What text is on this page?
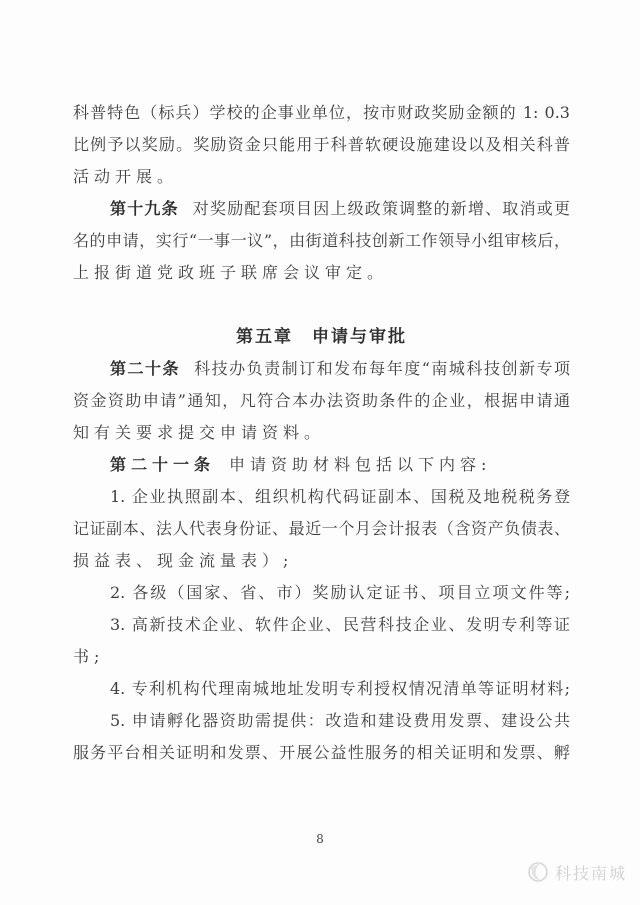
科普特色（标兵）学校的企事业单位，按市财政奖励金额的 1: 0.3
比例予以奖励。奖励资金只能用于科普软硬设施建设以及相关科普
活动开展。
第十九条 对奖励配套项目因上级政策调整的新增、取消或更
名的申请，实行“一事一议”，由街道科技创新工作领导小组审核后，
上报街道党政班子联席会议审定。
第五章　申请与审批
第二十条 科技办负责制订和发布每年度“南城科技创新专项
资金资助申请”通知，凡符合本办法资助条件的企业，根据申请通
知有关要求提交申请资料。
第二十一条 申请资助材料包括以下内容:
1. 企业执照副本、组织机构代码证副本、国税及地税税务登
记证副本、法人代表身份证、最近一个月会计报表（含资产负债表、
损益表、现金流量表）;
2. 各级（国家、省、市）奖励认定证书、项目立项文件等;
3. 高新技术企业、软件企业、民营科技企业、发明专利等证
书;
4. 专利机构代理南城地址发明专利授权情况清单等证明材料;
5. 申请孵化器资助需提供：改造和建设费用发票、建设公共
服务平台相关证明和发票、开展公益性服务的相关证明和发票、孵
8
科技南城
